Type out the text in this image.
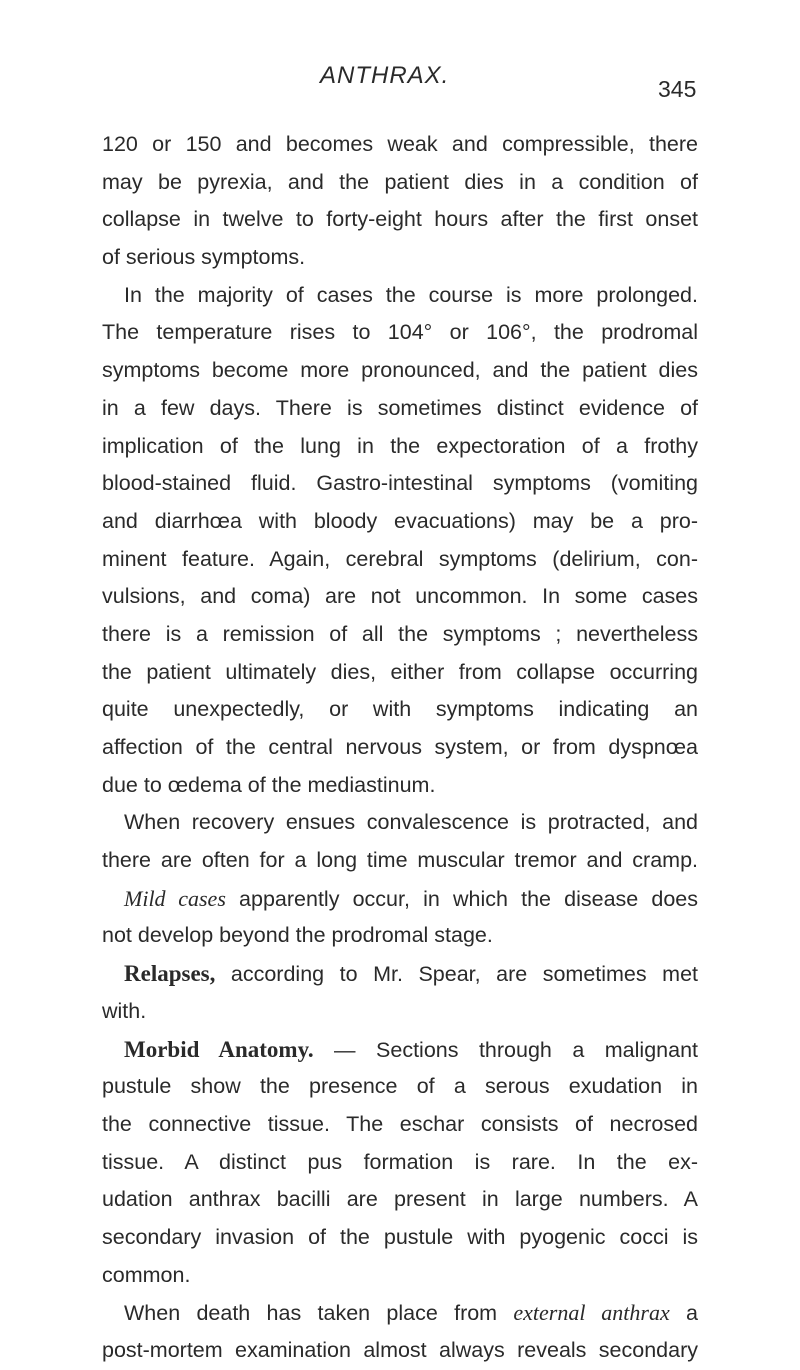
ANTHRAX.	345
120 or 150 and becomes weak and compressible, there
may be pyrexia, and the patient dies in a condition of
collapse in twelve to forty-eight hours after the first onset
of serious symptoms.
In the majority of cases the course is more prolonged.
The temperature rises to 104° or 106°, the prodromal
symptoms become more pronounced, and the patient dies
in a few days. There is sometimes distinct evidence of
implication of the lung in the expectoration of a frothy
blood-stained fluid. Gastro-intestinal symptoms (vomiting
and diarrhœa with bloody evacuations) may be a pro-
minent feature. Again, cerebral symptoms (delirium, con-
vulsions, and coma) are not uncommon. In some cases
there is a remission of all the symptoms ; nevertheless
the patient ultimately dies, either from collapse occurring
quite unexpectedly, or with symptoms indicating an
affection of the central nervous system, or from dyspnœa
due to œdema of the mediastinum.
When recovery ensues convalescence is protracted, and
there are often for a long time muscular tremor and cramp.
Mild cases apparently occur, in which the disease does
not develop beyond the prodromal stage.
Relapses, according to Mr. Spear, are sometimes met
with.
Morbid Anatomy. — Sections through a malignant
pustule show the presence of a serous exudation in
the connective tissue. The eschar consists of necrosed
tissue. A distinct pus formation is rare. In the ex-
udation anthrax bacilli are present in large numbers. A
secondary invasion of the pustule with pyogenic cocci is
common.
When death has taken place from external anthrax a
post-mortem examination almost always reveals secondary
